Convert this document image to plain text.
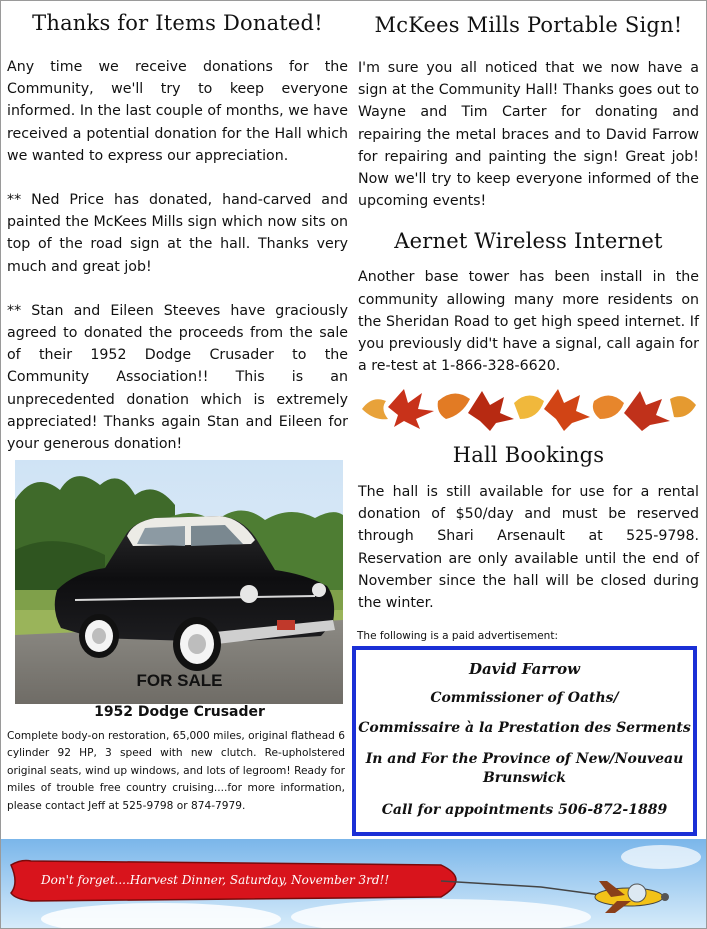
Thanks for Items Donated!

Any time we receive donations for the Community, we'll try to keep everyone informed. In the last couple of months, we have received a potential donation for the Hall which we wanted to express our appreciation.

** Ned Price has donated, hand-carved and painted the McKees Mills sign which now sits on top of the road sign at the hall. Thanks very much and great job!

** Stan and Eileen Steeves have graciously agreed to donated the proceeds from the sale of their 1952 Dodge Crusader to the Community Association!! This is an unprecedented donation which is extremely appreciated! Thanks again Stan and Eileen for your generous donation!

FOR SALE
1952 Dodge Crusader

Complete body-on restoration, 65,000 miles, original flathead 6 cylinder 92 HP, 3 speed with new clutch. Re-upholstered original seats, wind up windows, and lots of legroom! Ready for miles of trouble free country cruising....for more information, please contact Jeff at 525-9798 or 874-7979.

McKees Mills Portable Sign!

I'm sure you all noticed that we now have a sign at the Community Hall! Thanks goes out to Wayne and Tim Carter for donating and repairing the metal braces and to David Farrow for repairing and painting the sign! Great job! Now we'll try to keep everyone informed of the upcoming events!

Aernet Wireless Internet

Another base tower has been install in the community allowing many more residents on the Sheridan Road to get high speed internet. If you previously did't have a signal, call again for a re-test at 1-866-328-6620.

Hall Bookings

The hall is still available for use for a rental donation of $50/day and must be reserved through Shari Arsenault at 525-9798. Reservation are only available until the end of November since the hall will be closed during the winter.

The following is a paid advertisement:

David Farrow

Commissioner of Oaths/

Commissaire à la Prestation des Serments

In and For the Province of New/Nouveau Brunswick

Call for appointments 506-872-1889

Don't forget....Harvest Dinner, Saturday, November 3rd!!
